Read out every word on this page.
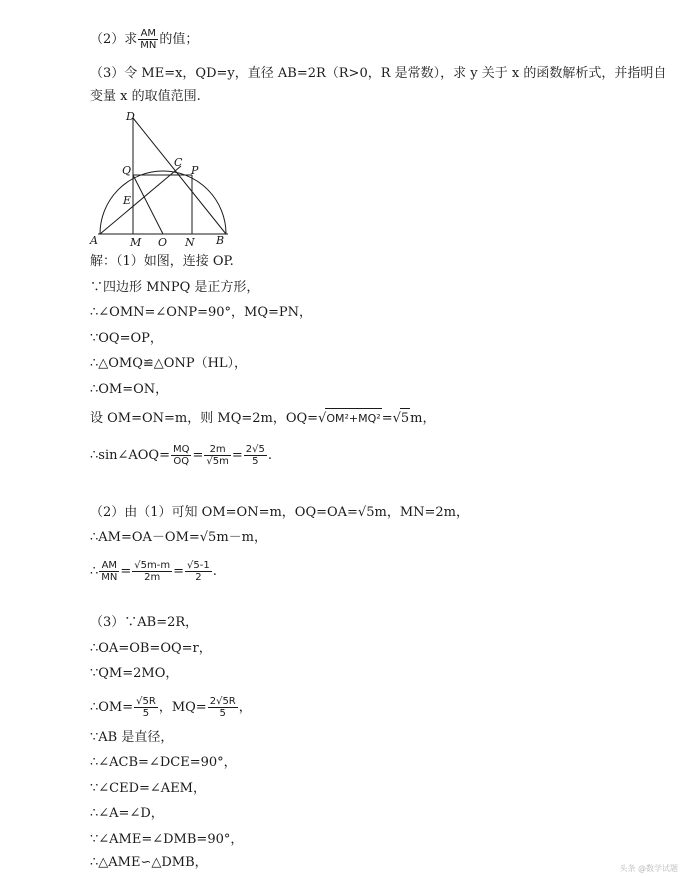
（2）求 $\frac{AM}{MN}$ 的值；
（3）令 ME=x，QD=y，直径 AB=2R（R>0，R 是常数），求 y 关于 x 的函数解析式，并指明自
变量 x 的取值范围.
D
Q
C
P
E
A	M O N B
解：（1）如图，连接 OP.
∵四边形 MNPQ 是正方形，
∴∠OMN=∠ONP=90°，MQ=PN，
∵OQ=OP，
∴△OMQ≌△ONP（HL），
∴OM=ON，
设 OM=ON=m，则 MQ=2m，OQ=√OM²+MQ²=√5m，
∴sin∠AOQ= $\frac{MQ}{OQ} = \frac{2m}{√5m} = \frac{2√5}{5}$ .
（2）由（1）可知 OM=ON=m，OQ=OA=√5m，MN=2m，
∴AM=OA－OM=√5m－m，
∴ $\frac{AM}{MN} = \frac{√5m-m}{2m} = \frac{√5-1}{2}$ .
（3）∵AB=2R，
∴OA=OB=OQ=r，
∵QM=2MO，
∴OM= $\frac{√5R}{5}$ ，$MQ= \frac{2√5R}{5}$ ，
∵AB 是直径，
∴∠ACB=∠DCE=90°，
∵∠CED=∠AEM，
∴∠A=∠D，
∵∠AME=∠DMB=90°，
∴△AME∽△DMB，	头条 @数学试题
